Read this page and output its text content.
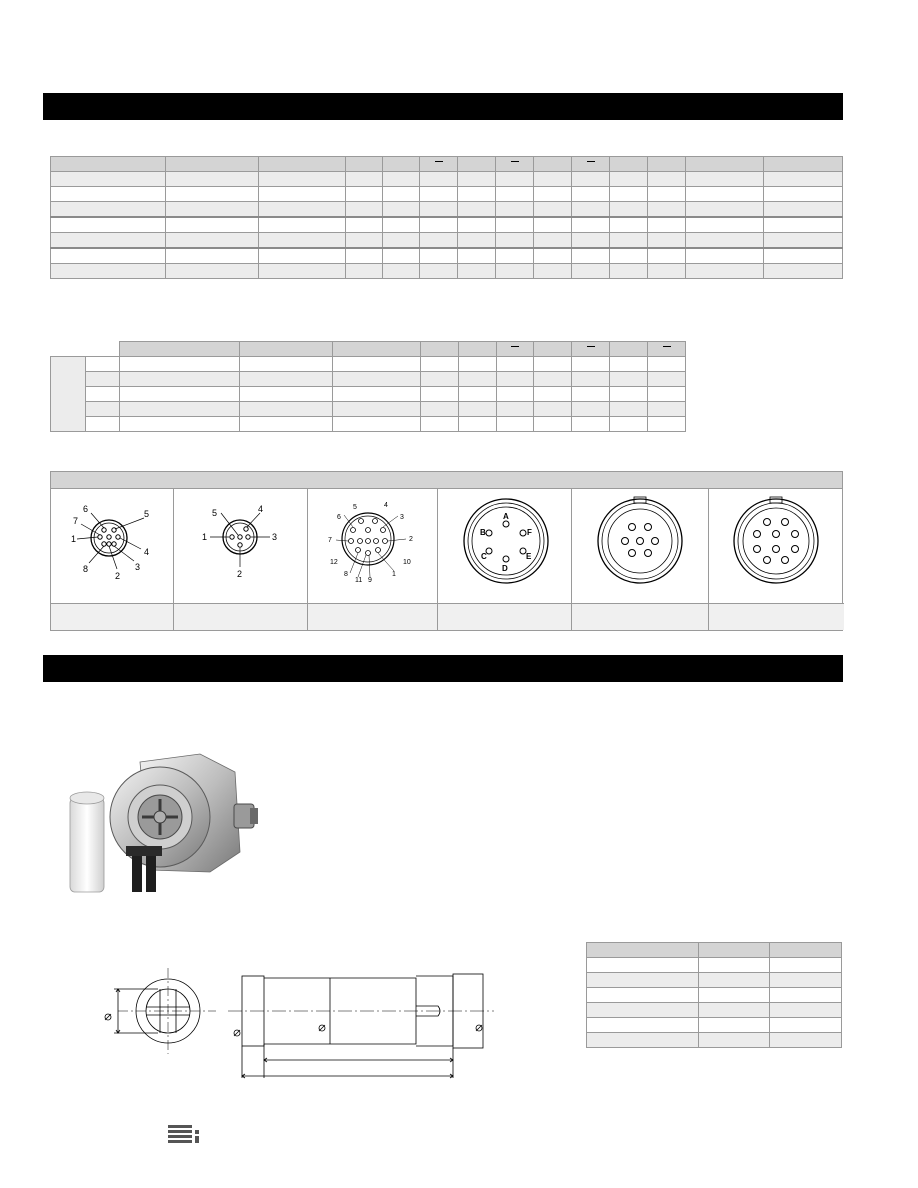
6
7
1
8
2
3
4
5
1	3
2
4
5
5	4
6	3
7	2
12	10
8	1
11 9
A
B
C
D
E
F
